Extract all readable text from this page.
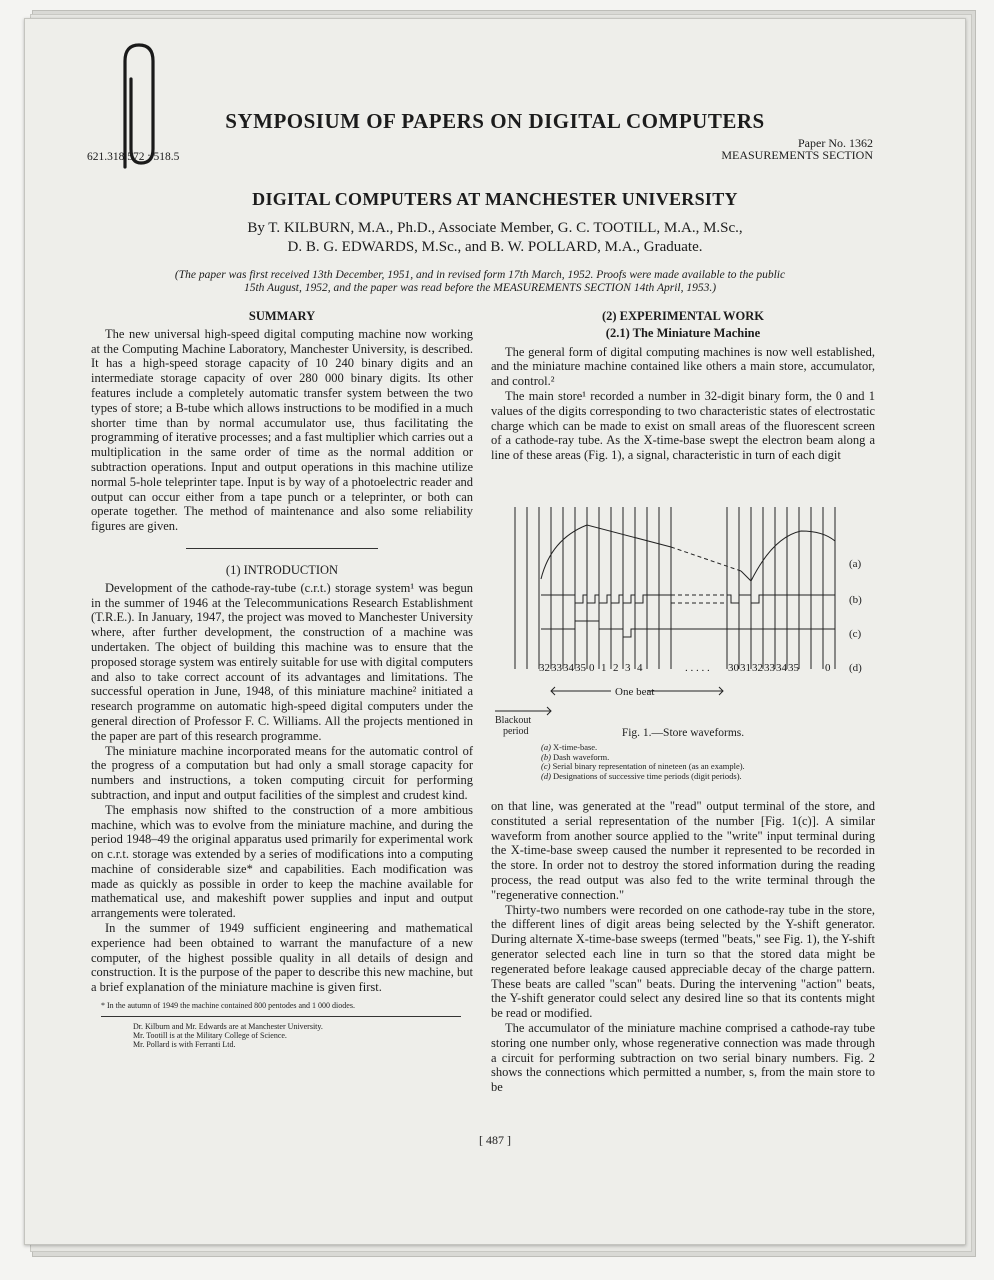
SYMPOSIUM OF PAPERS ON DIGITAL COMPUTERS
621.318.572 : 518.5
Paper No. 1362
MEASUREMENTS SECTION
DIGITAL COMPUTERS AT MANCHESTER UNIVERSITY
By T. KILBURN, M.A., Ph.D., Associate Member, G. C. TOOTILL, M.A., M.Sc.,
D. B. G. EDWARDS, M.Sc., and B. W. POLLARD, M.A., Graduate.
(The paper was first received 13th December, 1951, and in revised form 17th March, 1952. Proofs were made available to the public
15th August, 1952, and the paper was read before the MEASUREMENTS SECTION 14th April, 1953.)
SUMMARY

The new universal high-speed digital computing machine now working at the Computing Machine Laboratory, Manchester University, is described. It has a high-speed storage capacity of 10 240 binary digits and an intermediate storage capacity of over 280 000 binary digits. Its other features include a completely automatic transfer system between the two types of store; a B-tube which allows instructions to be modified in a much shorter time than by normal accumulator use, thus facilitating the programming of iterative processes; and a fast multiplier which carries out a multiplication in the same order of time as the normal addition or subtraction operations. Input and output operations in this machine utilize normal 5-hole teleprinter tape. Input is by way of a photoelectric reader and output can occur either from a tape punch or a teleprinter, or both can operate together. The method of maintenance and also some reliability figures are given.

(1) INTRODUCTION

Development of the cathode-ray-tube (c.r.t.) storage system¹ was begun in the summer of 1946 at the Telecommunications Research Establishment (T.R.E.). In January, 1947, the project was moved to Manchester University where, after further development, the construction of a machine was undertaken. The object of building this machine was to ensure that the proposed storage system was entirely suitable for use with digital computers and also to take correct account of its advantages and limitations. The successful operation in June, 1948, of this miniature machine² initiated a research programme on automatic high-speed digital computers under the general direction of Professor F. C. Williams. All the projects mentioned in the paper are part of this research programme.

The miniature machine incorporated means for the automatic control of the progress of a computation but had only a small storage capacity for numbers and instructions, a token computing circuit for performing subtraction, and input and output facilities of the simplest and crudest kind.

The emphasis now shifted to the construction of a more ambitious machine, which was to evolve from the miniature machine, and during the period 1948–49 the original apparatus used primarily for experimental work on c.r.t. storage was extended by a series of modifications into a computing machine of considerable size* and capabilities. Each modification was made as quickly as possible in order to keep the machine available for mathematical use, and makeshift power supplies and input and output arrangements were tolerated.

In the summer of 1949 sufficient engineering and mathematical experience had been obtained to warrant the manufacture of a new computer, of the highest possible quality in all details of design and construction. It is the purpose of the paper to describe this new machine, but a brief explanation of the miniature machine is given first.

* In the autumn of 1949 the machine contained 800 pentodes and 1 000 diodes.
Dr. Kilburn and Mr. Edwards are at Manchester University.
Mr. Tootill is at the Military College of Science.
Mr. Pollard is with Ferranti Ltd.
(2) EXPERIMENTAL WORK
(2.1) The Miniature Machine

The general form of digital computing machines is now well established, and the miniature machine contained like others a main store, accumulator, and control.²

The main store¹ recorded a number in 32-digit binary form, the 0 and 1 values of the digits corresponding to two characteristic states of electrostatic charge which can be made to exist on small areas of the fluorescent screen of a cathode-ray tube. As the X-time-base swept the electron beam along a line of these areas (Fig. 1), a signal, characteristic in turn of each digit

32 33 34 35 0 1 2 3 4	. . . . . 30 31 32 33 34 35 0
One beat
Blackout
period
(a)
(b)
(c)
(d)
Fig. 1.—Store waveforms.
(a) X-time-base.
(b) Dash waveform.
(c) Serial binary representation of nineteen (as an example).
(d) Designations of successive time periods (digit periods).

on that line, was generated at the "read" output terminal of the store, and constituted a serial representation of the number [Fig. 1(c)]. A similar waveform from another source applied to the "write" input terminal during the X-time-base sweep caused the number it represented to be recorded in the store. In order not to destroy the stored information during the reading process, the read output was also fed to the write terminal through the "regenerative connection."

Thirty-two numbers were recorded on one cathode-ray tube in the store, the different lines of digit areas being selected by the Y-shift generator. During alternate X-time-base sweeps (termed "beats," see Fig. 1), the Y-shift generator selected each line in turn so that the stored data might be regenerated before leakage caused appreciable decay of the charge pattern. These beats are called "scan" beats. During the intervening "action" beats, the Y-shift generator could select any desired line so that its contents might be read or modified.

The accumulator of the miniature machine comprised a cathode-ray tube storing one number only, whose regenerative connection was made through a circuit for performing subtraction on two serial binary numbers. Fig. 2 shows the connections which permitted a number, s, from the main store to be

[ 487 ]
